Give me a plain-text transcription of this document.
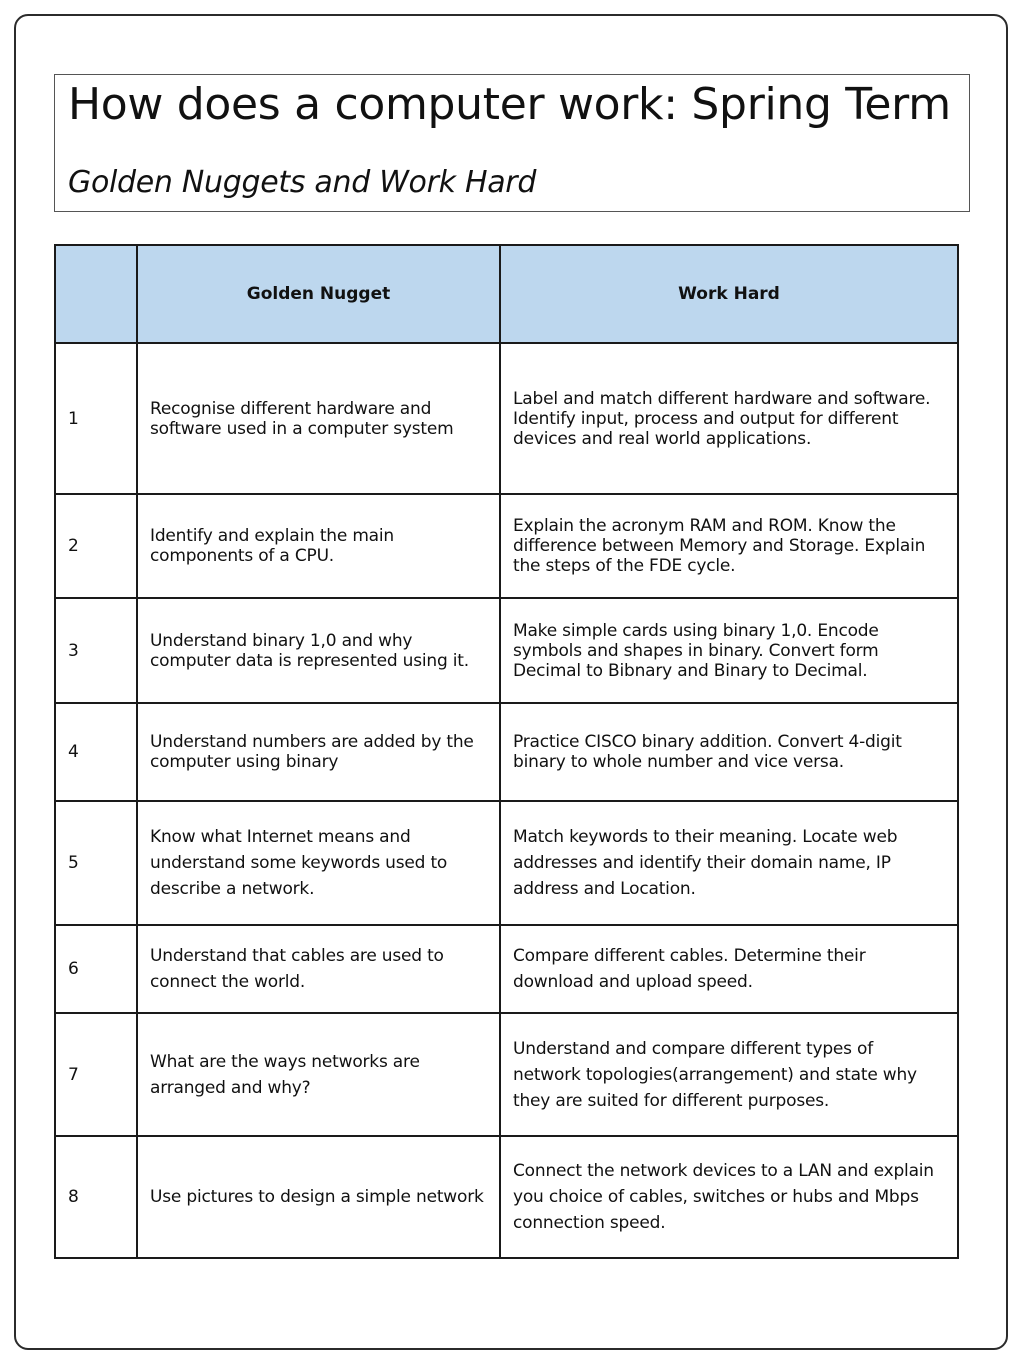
How does a computer work: Spring Term
Golden Nuggets and Work Hard
	Golden Nugget	Work Hard
1	Recognise different hardware and software used in a computer system	Label and match different hardware and software. Identify input, process and output for different devices and real world applications.
2	Identify and explain the main components of a CPU.	Explain the acronym RAM and ROM. Know the difference between Memory and Storage. Explain the steps of the FDE cycle.
3	Understand binary 1,0 and why computer data is represented using it.	Make simple cards using binary 1,0. Encode symbols and shapes in binary. Convert form Decimal to Bibnary and Binary to Decimal.
4	Understand numbers are added by the computer using binary	Practice CISCO binary addition. Convert 4-digit binary to whole number and vice versa.
5	Know what Internet means and understand some keywords used to describe a network.	Match keywords to their meaning. Locate web addresses and identify their domain name, IP address and Location.
6	Understand that cables are used to connect the world.	Compare different cables. Determine their download and upload speed.
7	What are the ways networks are arranged and why?	Understand and compare different types of network topologies(arrangement) and state why they are suited for different purposes.
8	Use pictures to design a simple network	Connect the network devices to a LAN and explain you choice of cables, switches or hubs and Mbps connection speed.
